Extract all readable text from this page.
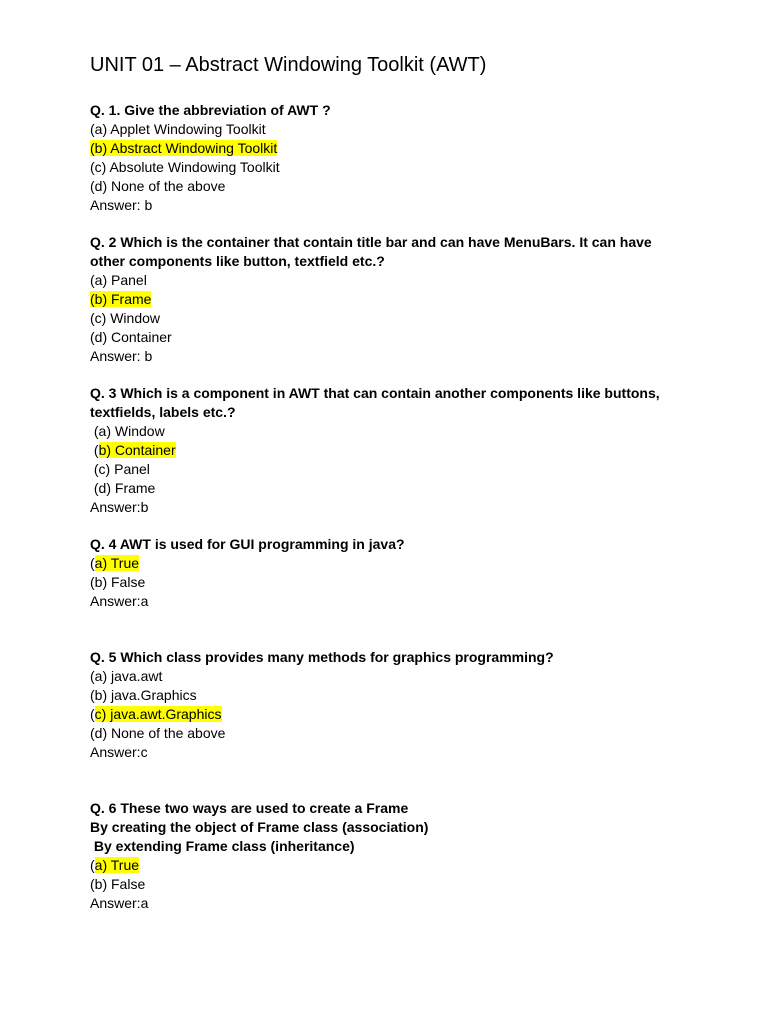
UNIT 01 – Abstract Windowing Toolkit (AWT)

Q. 1. Give the abbreviation of AWT ?

(a) Applet Windowing Toolkit

(b) Abstract Windowing Toolkit

(c) Absolute Windowing Toolkit

(d) None of the above

Answer: b

Q. 2 Which is the container that contain title bar and can have MenuBars. It can have

other components like button, textfield etc.?

(a) Panel

(b) Frame

(c) Window

(d) Container

Answer: b

Q. 3 Which is a component in AWT that can contain another components like buttons,

textfields, labels etc.?

(a) Window

(b) Container

(c) Panel

(d) Frame

Answer:b

Q. 4 AWT is used for GUI programming in java?

(a) True

(b) False

Answer:a

Q. 5 Which class provides many methods for graphics programming?

(a) java.awt

(b) java.Graphics

(c) java.awt.Graphics

(d) None of the above

Answer:c

Q. 6 These two ways are used to create a Frame

By creating the object of Frame class (association)

By extending Frame class (inheritance)

(a) True

(b) False

Answer:a
